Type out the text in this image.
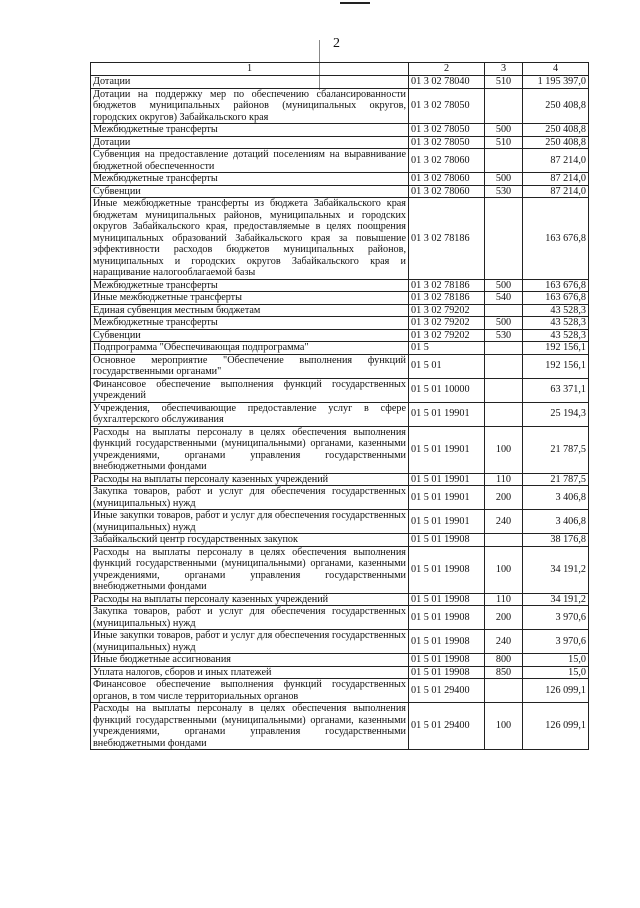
2
1	2	3	4
Дотации	01 3 02 78040	510	1 195 397,0
Дотации на поддержку мер по обеспечению сбалансированности бюджетов муниципальных районов (муниципальных округов, городских округов) Забайкальского края	01 3 02 78050		250 408,8
Межбюджетные трансферты	01 3 02 78050	500	250 408,8
Дотации	01 3 02 78050	510	250 408,8
Субвенция на предоставление дотаций поселениям на выравнивание бюджетной обеспеченности	01 3 02 78060		87 214,0
Межбюджетные трансферты	01 3 02 78060	500	87 214,0
Субвенции	01 3 02 78060	530	87 214,0
Иные межбюджетные трансферты из бюджета Забайкальского края бюджетам муниципальных районов, муниципальных и городских округов Забайкальского края, предоставляемые в целях поощрения муниципальных образований Забайкальского края за повышение эффективности расходов бюджетов муниципальных районов, муниципальных и городских округов Забайкальского края и наращивание налогооблагаемой базы	01 3 02 78186		163 676,8
Межбюджетные трансферты	01 3 02 78186	500	163 676,8
Иные межбюджетные трансферты	01 3 02 78186	540	163 676,8
Единая субвенция местным бюджетам	01 3 02 79202		43 528,3
Межбюджетные трансферты	01 3 02 79202	500	43 528,3
Субвенции	01 3 02 79202	530	43 528,3
Подпрограмма "Обеспечивающая подпрограмма"	01 5		192 156,1
Основное мероприятие "Обеспечение выполнения функций государственными органами"	01 5 01		192 156,1
Финансовое обеспечение выполнения функций государственных учреждений	01 5 01 10000		63 371,1
Учреждения, обеспечивающие предоставление услуг в сфере бухгалтерского обслуживания	01 5 01 19901		25 194,3
Расходы на выплаты персоналу в целях обеспечения выполнения функций государственными (муниципальными) органами, казенными учреждениями, органами управления государственными внебюджетными фондами	01 5 01 19901	100	21 787,5
Расходы на выплаты персоналу казенных учреждений	01 5 01 19901	110	21 787,5
Закупка товаров, работ и услуг для обеспечения государственных (муниципальных) нужд	01 5 01 19901	200	3 406,8
Иные закупки товаров, работ и услуг для обеспечения государственных (муниципальных) нужд	01 5 01 19901	240	3 406,8
Забайкальский центр государственных закупок	01 5 01 19908		38 176,8
Расходы на выплаты персоналу в целях обеспечения выполнения функций государственными (муниципальными) органами, казенными учреждениями, органами управления государственными внебюджетными фондами	01 5 01 19908	100	34 191,2
Расходы на выплаты персоналу казенных учреждений	01 5 01 19908	110	34 191,2
Закупка товаров, работ и услуг для обеспечения государственных (муниципальных) нужд	01 5 01 19908	200	3 970,6
Иные закупки товаров, работ и услуг для обеспечения государственных (муниципальных) нужд	01 5 01 19908	240	3 970,6
Иные бюджетные ассигнования	01 5 01 19908	800	15,0
Уплата налогов, сборов и иных платежей	01 5 01 19908	850	15,0
Финансовое обеспечение выполнения функций государственных органов, в том числе территориальных органов	01 5 01 29400		126 099,1
Расходы на выплаты персоналу в целях обеспечения выполнения функций государственными (муниципальными) органами, казенными учреждениями, органами управления государственными внебюджетными фондами	01 5 01 29400	100	126 099,1
